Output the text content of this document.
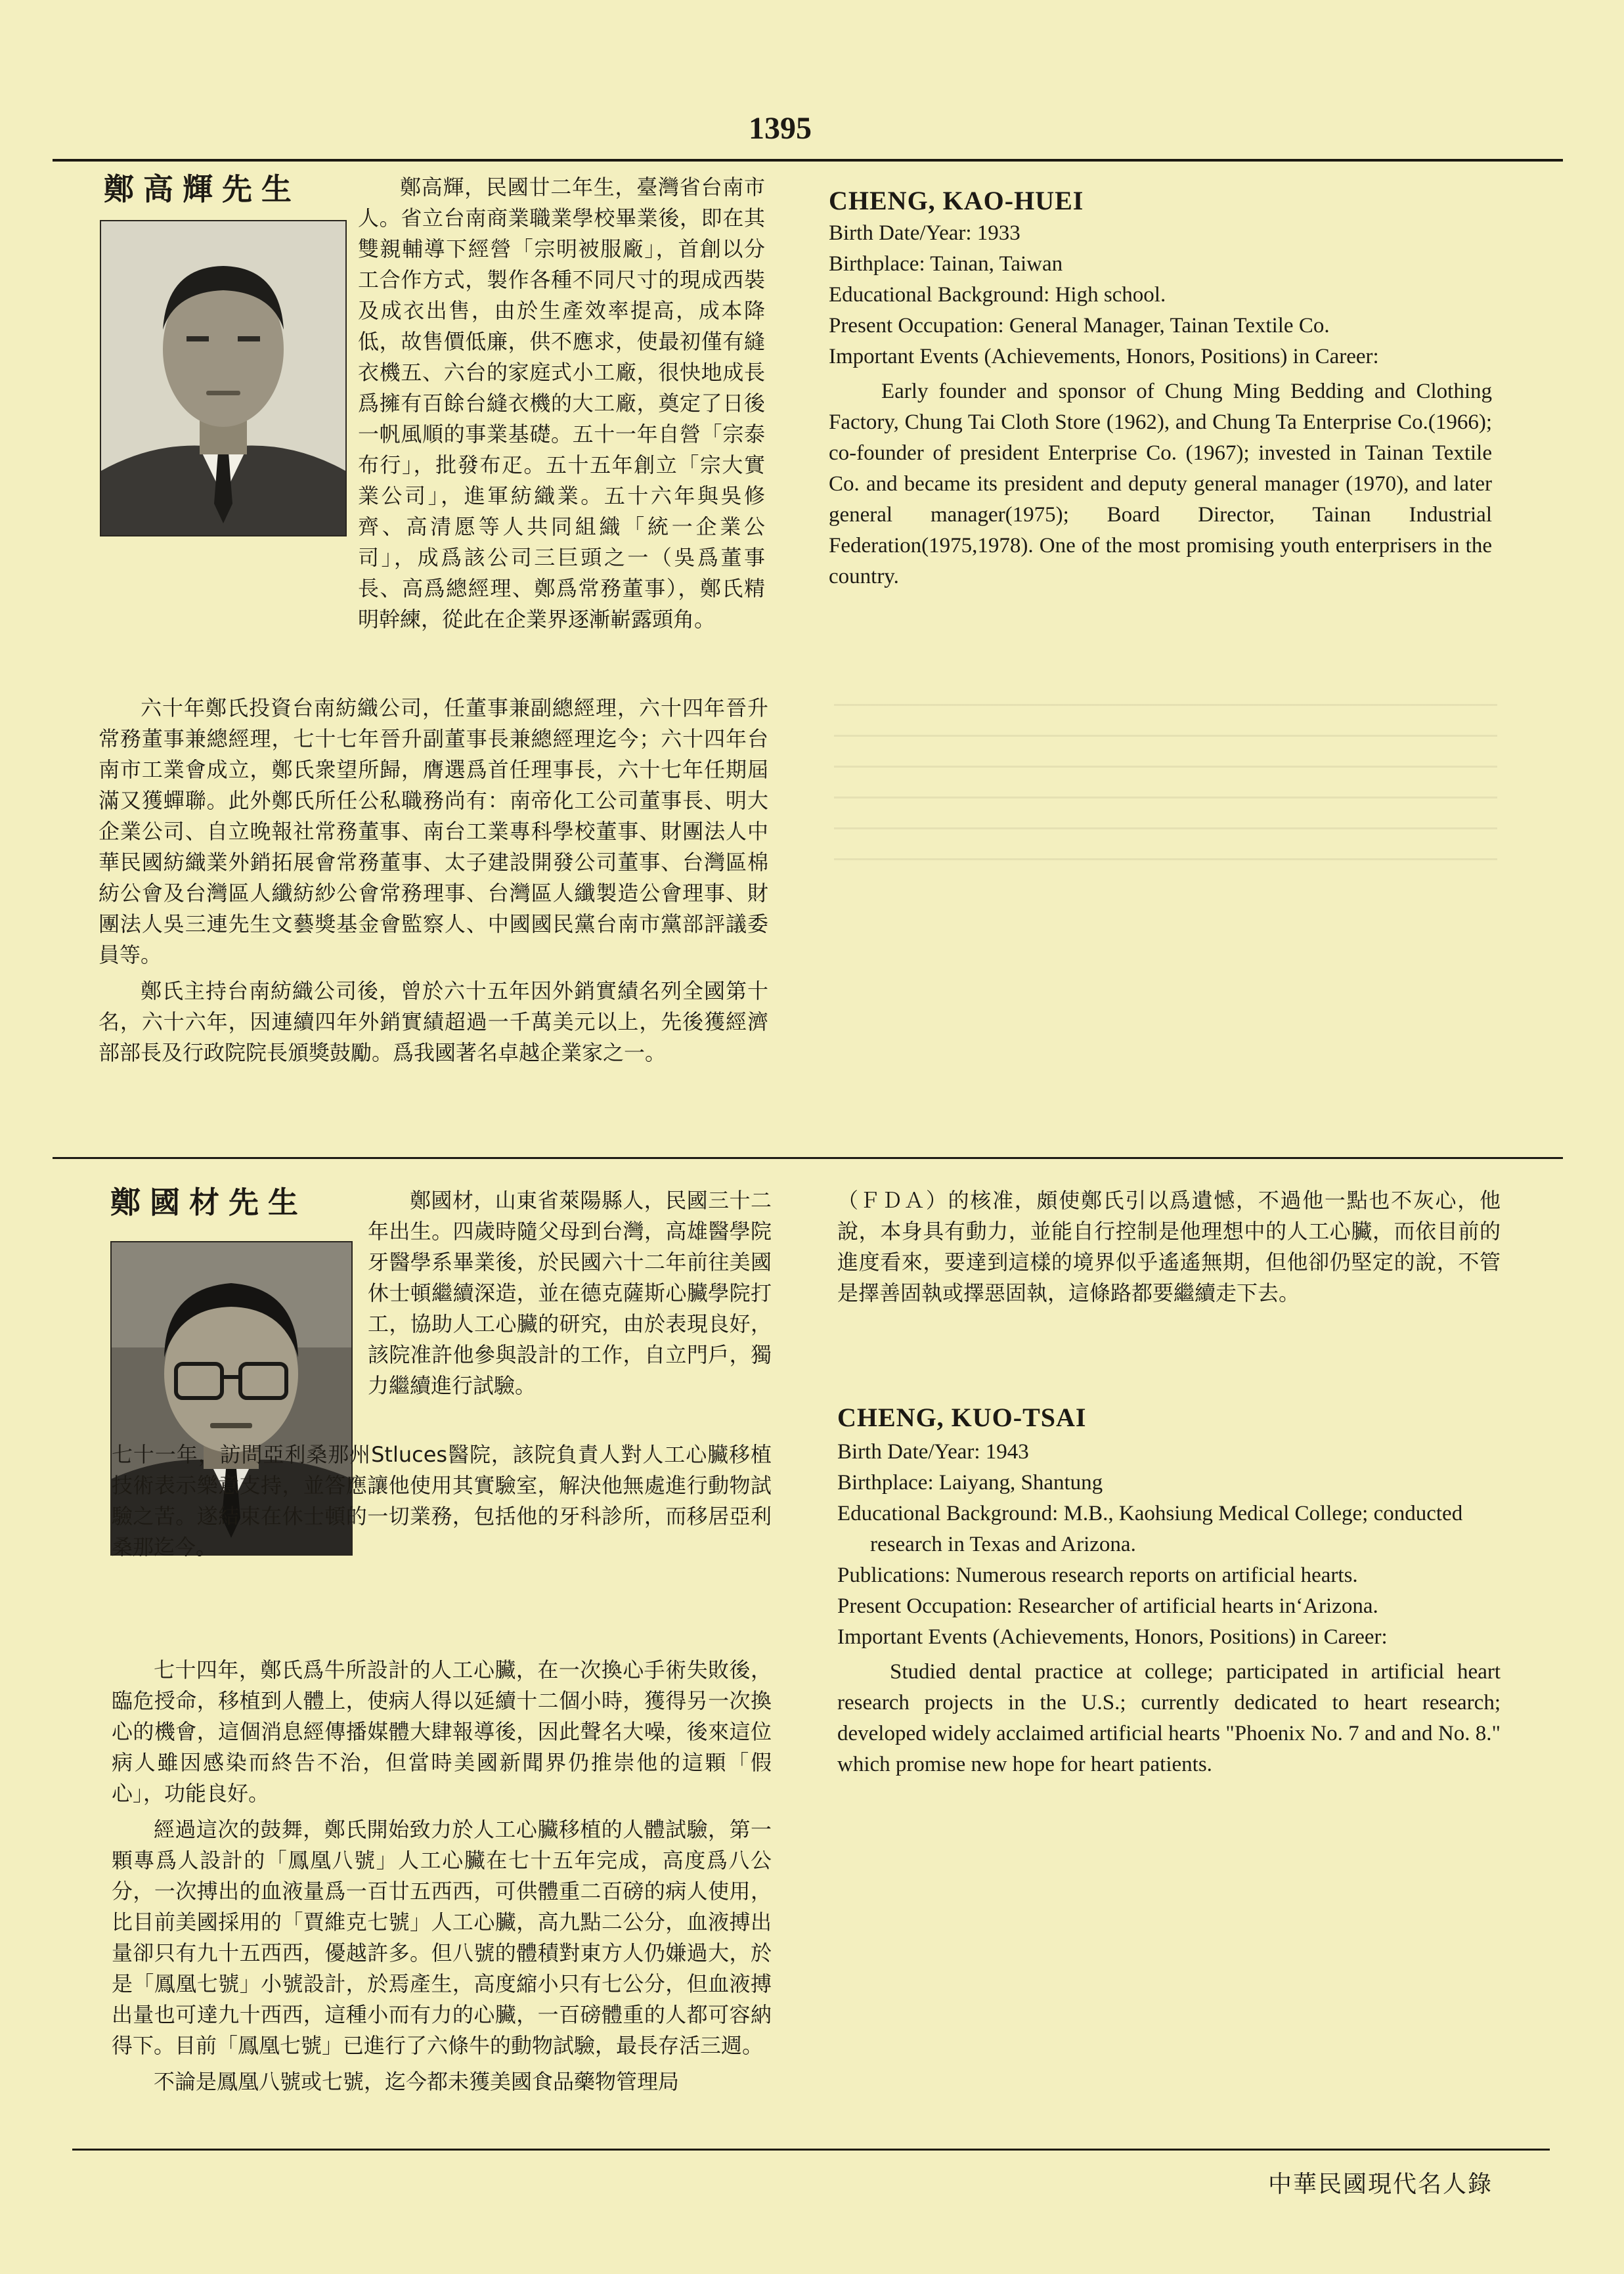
1395
鄭高輝先生	鄭高輝，民國廿二年生，臺灣省台南市人。省立台南商業職業學校畢業後，即在其雙親輔導下經營「宗明被服廠」，首創以分工合作方式，製作各種不同尺寸的現成西裝及成衣出售，由於生產效率提高，成本降低，故售價低廉，供不應求，使最初僅有縫衣機五、六台的家庭式小工廠，很快地成長爲擁有百餘台縫衣機的大工廠，奠定了日後一帆風順的事業基礎。五十一年自營「宗泰布行」，批發布疋。五十五年創立「宗大實業公司」，進軍紡織業。五十六年與吳修齊、高清愿等人共同組織「統一企業公司」，成爲該公司三巨頭之一（吳爲董事長、高爲總經理、鄭爲常務董事），鄭氏精明幹練，從此在企業界逐漸嶄露頭角。

六十年鄭氏投資台南紡織公司，任董事兼副總經理，六十四年晉升常務董事兼總經理，七十七年晉升副董事長兼總經理迄今；六十四年台南市工業會成立，鄭氏衆望所歸，膺選爲首任理事長，六十七年任期屆滿又獲蟬聯。此外鄭氏所任公私職務尚有：南帝化工公司董事長、明大企業公司、自立晚報社常務董事、南台工業專科學校董事、財團法人中華民國紡織業外銷拓展會常務董事、太子建設開發公司董事、台灣區棉紡公會及台灣區人纖紡紗公會常務理事、台灣區人纖製造公會理事、財團法人吳三連先生文藝獎基金會監察人、中國國民黨台南市黨部評議委員等。

鄭氏主持台南紡織公司後，曾於六十五年因外銷實績名列全國第十名，六十六年，因連續四年外銷實績超過一千萬美元以上，先後獲經濟部部長及行政院院長頒獎鼓勵。爲我國著名卓越企業家之一。

CHENG, KAO-HUEI

Birth Date/Year: 1933

Birthplace: Tainan, Taiwan

Educational Background: High school.

Present Occupation: General Manager, Tainan Textile Co.

Important Events (Achievements, Honors, Positions) in Career:

Early founder and sponsor of Chung Ming Bedding and Clothing Factory, Chung Tai Cloth Store (1962), and Chung Ta Enterprise Co.(1966); co-founder of president Enterprise Co. (1967); invested in Tainan Textile Co. and became its president and deputy general manager (1970), and later general manager(1975); Board Director, Tainan Industrial Federation(1975,1978). One of the most promising youth enterprisers in the country.

鄭國材先生	鄭國材，山東省萊陽縣人，民國三十二年出生。四歲時隨父母到台灣，高雄醫學院牙醫學系畢業後，於民國六十二年前往美國休士頓繼續深造，並在德克薩斯心臟學院打工，協助人工心臟的研究，由於表現良好，該院准許他參與設計的工作，自立門戶，獨力繼續進行試驗。

七十一年，訪問亞利桑那州Stluces醫院，該院負責人對人工心臟移植技術表示樂意支持，並答應讓他使用其實驗室，解決他無處進行動物試驗之苦。遂結束在休士頓的一切業務，包括他的牙科診所，而移居亞利桑那迄今。

七十四年，鄭氏爲牛所設計的人工心臟，在一次換心手術失敗後，臨危授命，移植到人體上，使病人得以延續十二個小時，獲得另一次換心的機會，這個消息經傳播媒體大肆報導後，因此聲名大噪，後來這位病人雖因感染而終告不治，但當時美國新聞界仍推崇他的這顆「假心」，功能良好。

經過這次的鼓舞，鄭氏開始致力於人工心臟移植的人體試驗，第一顆專爲人設計的「鳳凰八號」人工心臟在七十五年完成，高度爲八公分，一次搏出的血液量爲一百廿五西西，可供體重二百磅的病人使用，比目前美國採用的「賈維克七號」人工心臟，高九點二公分，血液搏出量卻只有九十五西西，優越許多。但八號的體積對東方人仍嫌過大，於是「鳳凰七號」小號設計，於焉產生，高度縮小只有七公分，但血液搏出量也可達九十西西，這種小而有力的心臟，一百磅體重的人都可容納得下。目前「鳳凰七號」已進行了六條牛的動物試驗，最長存活三週。

不論是鳳凰八號或七號，迄今都未獲美國食品藥物管理局

（ＦＤＡ）的核准，頗使鄭氏引以爲遺憾，不過他一點也不灰心，他說，本身具有動力，並能自行控制是他理想中的人工心臟，而依目前的進度看來，要達到這樣的境界似乎遙遙無期，但他卻仍堅定的說，不管是擇善固執或擇惡固執，這條路都要繼續走下去。

CHENG, KUO-TSAI

Birth Date/Year: 1943

Birthplace: Laiyang, Shantung

Educational Background: M.B., Kaohsiung Medical College; conducted research in Texas and Arizona.

Publications: Numerous research reports on artificial hearts.

Present Occupation: Researcher of artificial hearts in‘Arizona.

Important Events (Achievements, Honors, Positions) in Career:

Studied dental practice at college; participated in artificial heart research projects in the U.S.; currently dedicated to heart research; developed widely acclaimed artificial hearts "Phoenix No. 7 and and No. 8." which promise new hope for heart patients.

中華民國現代名人錄
